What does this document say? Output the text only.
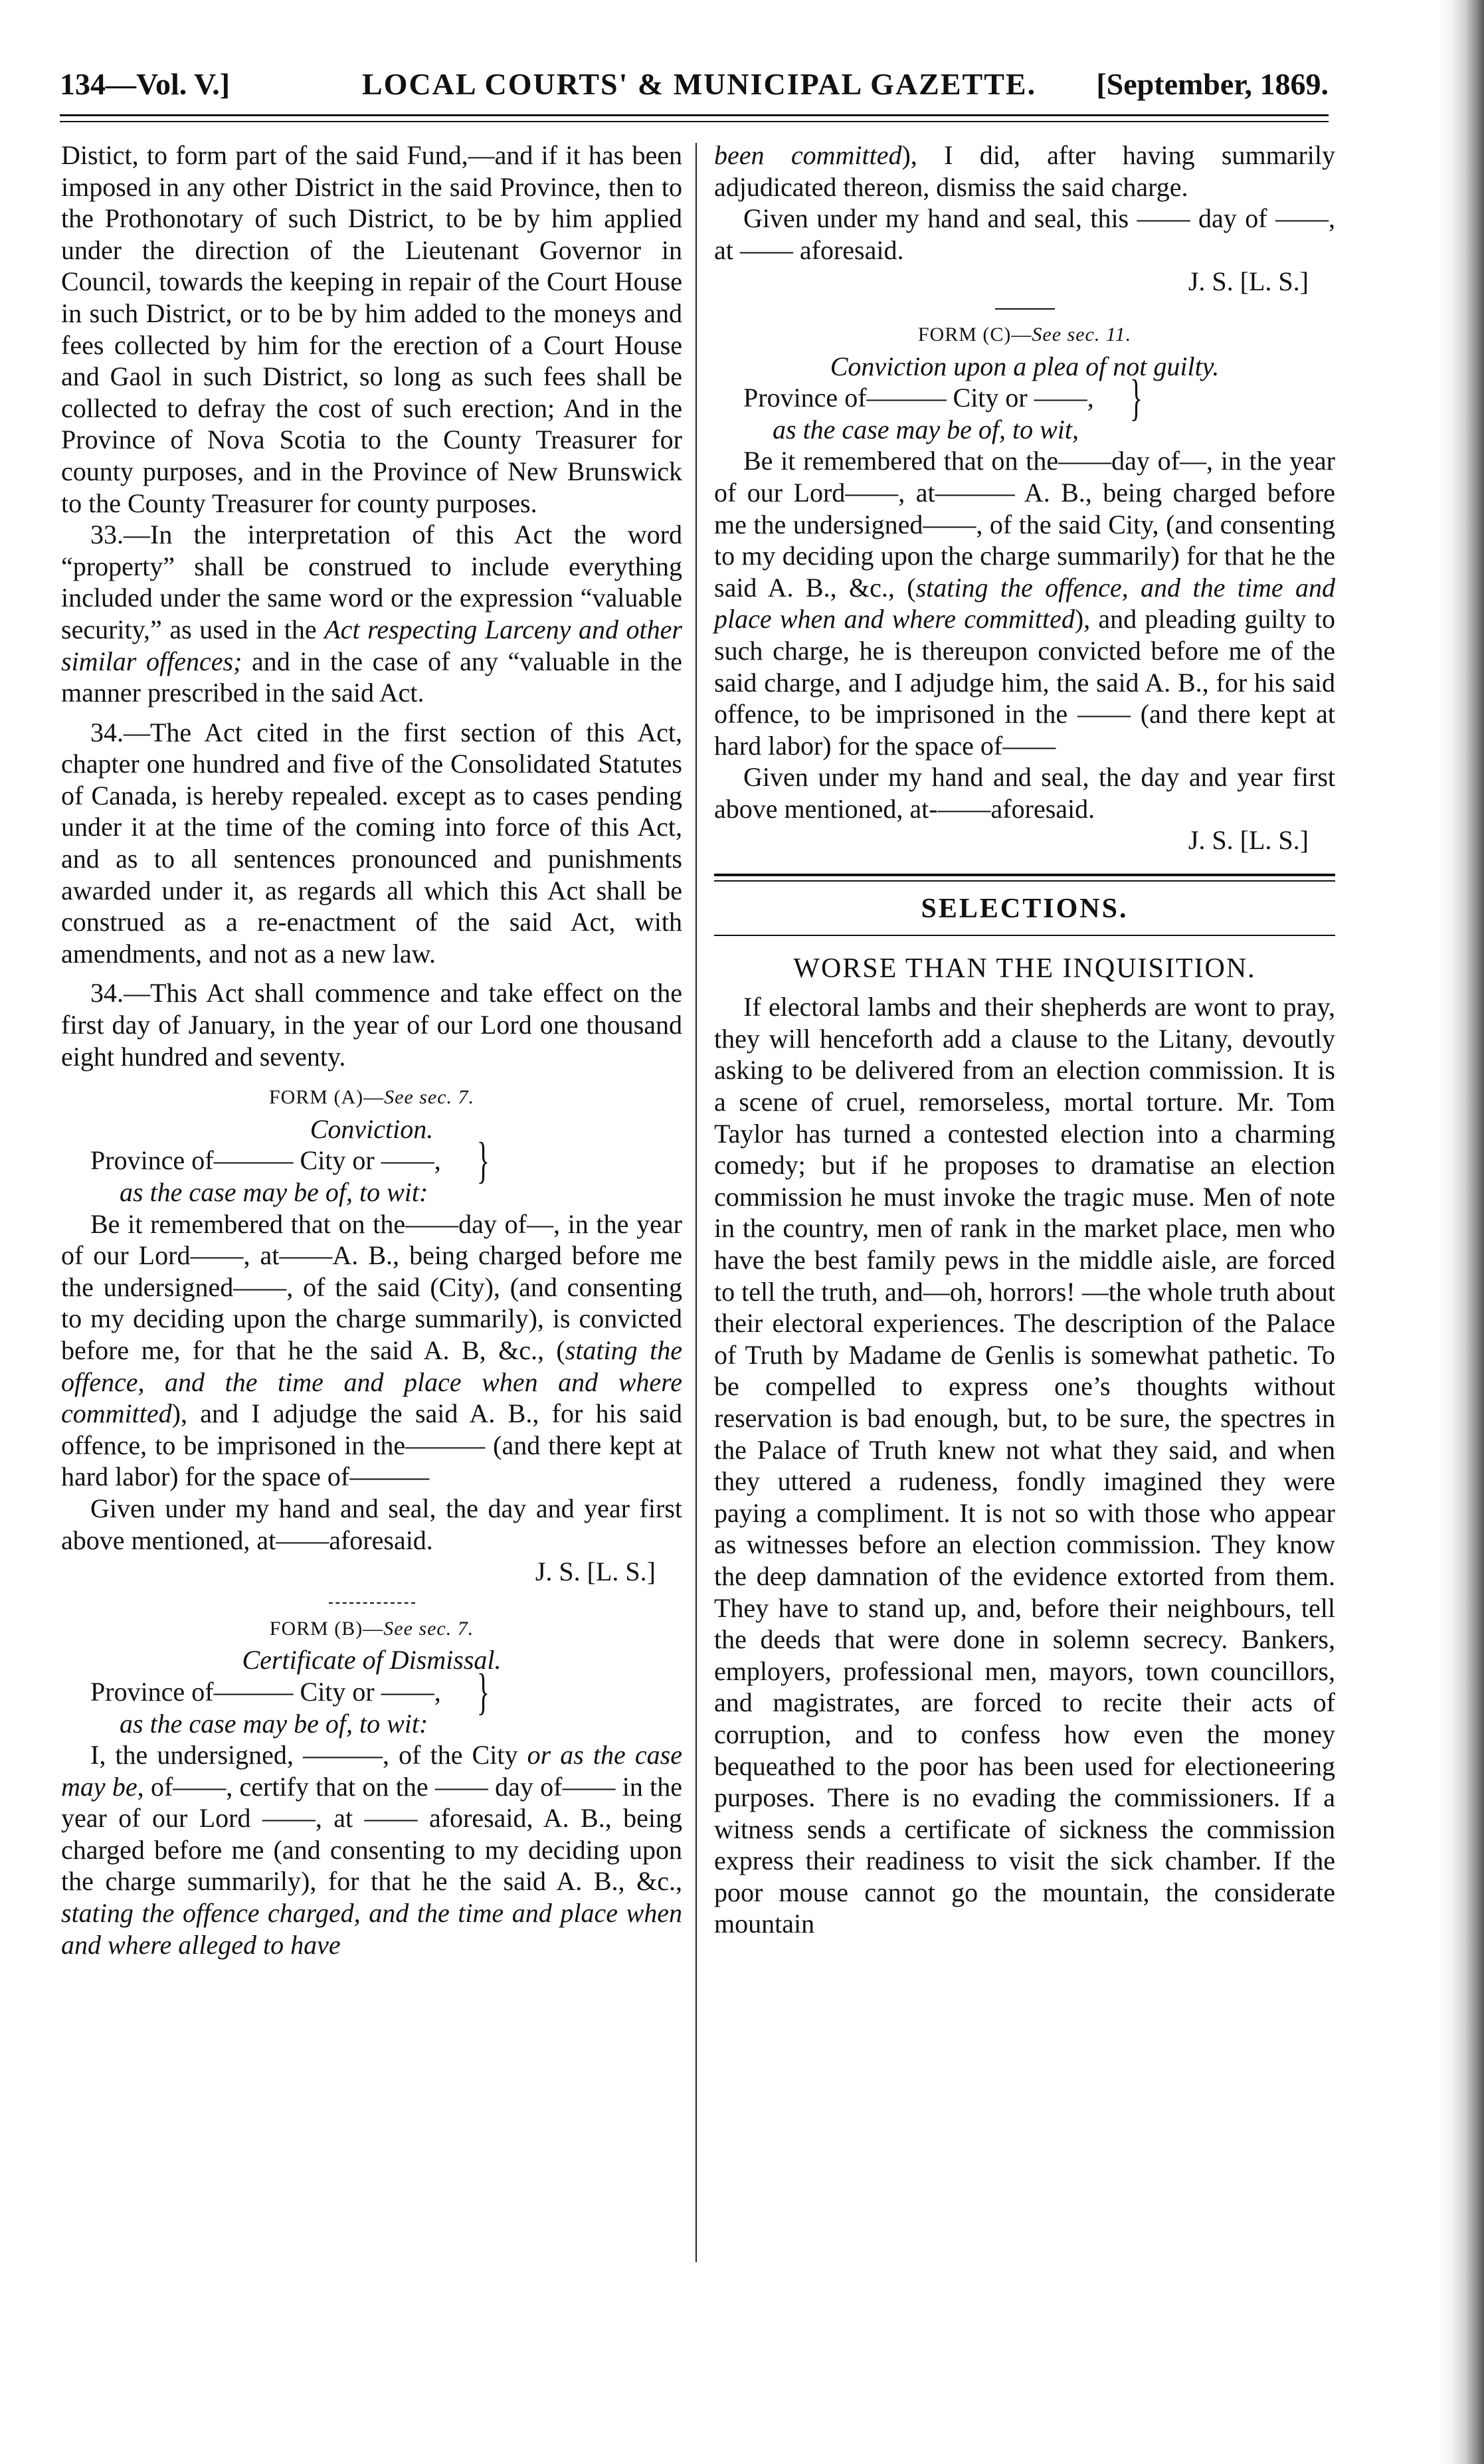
134—Vol. V.]	LOCAL COURTS' & MUNICIPAL GAZETTE. [September, 1869.

Distict, to form part of the said Fund,—and if it has been imposed in any other District in the said Province, then to the Prothonotary of such District, to be by him applied under the direction of the Lieutenant Governor in Council, towards the keeping in repair of the Court House in such District, or to be by him added to the moneys and fees collected by him for the erection of a Court House and Gaol in such District, so long as such fees shall be collected to defray the cost of such erection; And in the Province of Nova Scotia to the County Treasurer for county purposes, and in the Province of New Brunswick to the County Treasurer for county purposes.

33.—In the interpretation of this Act the word “property” shall be construed to include everything included under the same word or the expression “valuable security,” as used in the Act respecting Larceny and other similar offences; and in the case of any “valuable in the manner prescribed in the said Act.

34.—The Act cited in the first section of this Act, chapter one hundred and five of the Consolidated Statutes of Canada, is hereby repealed. except as to cases pending under it at the time of the coming into force of this Act, and as to all sentences pronounced and punishments awarded under it, as regards all which this Act shall be construed as a re-enactment of the said Act, with amendments, and not as a new law.

34.—This Act shall commence and take effect on the first day of January, in the year of our Lord one thousand eight hundred and seventy.

FORM (A)—See sec. 7.
Conviction.

Province of——— City or ——, }

as the case may be of, to wit:

Be it remembered that on the——day of—, in the year of our Lord——, at——A. B., being charged before me the undersigned——, of the said (City), (and consenting to my deciding upon the charge summarily), is convicted before me, for that he the said A. B, &c., (stating the offence, and the time and place when and where committed), and I adjudge the said A. B., for his said offence, to be imprisoned in the——— (and there kept at hard labor) for the space of———

Given under my hand and seal, the day and year first above mentioned, at——aforesaid.

J. S. [L. S.]
FORM (B)—See sec. 7.
Certificate of Dismissal.

Province of——— City or ——, }

as the case may be of, to wit:

I, the undersigned, ———, of the City or as the case may be, of——, certify that on the —— day of—— in the year of our Lord ——, at —— aforesaid, A. B., being charged before me (and consenting to my deciding upon the charge summarily), for that he the said A. B., &c., stating the offence charged, and the time and place when and where alleged to have

been committed), I did, after having summarily adjudicated thereon, dismiss the said charge.

Given under my hand and seal, this —— day of ——, at —— aforesaid.

J. S. [L. S.]
FORM (C)—See sec. 11.
Conviction upon a plea of not guilty.

Province of——— City or ——, }

as the case may be of, to wit,

Be it remembered that on the——day of—, in the year of our Lord——, at——— A. B., being charged before me the undersigned——, of the said City, (and consenting to my deciding upon the charge summarily) for that he the said A. B., &c., (stating the offence, and the time and place when and where committed), and pleading guilty to such charge, he is thereupon convicted before me of the said charge, and I adjudge him, the said A. B., for his said offence, to be imprisoned in the —— (and there kept at hard labor) for the space of——

Given under my hand and seal, the day and year first above mentioned, at-——aforesaid.

J. S. [L. S.]
SELECTIONS.
WORSE THAN THE INQUISITION.

If electoral lambs and their shepherds are wont to pray, they will henceforth add a clause to the Litany, devoutly asking to be delivered from an election commission. It is a scene of cruel, remorseless, mortal torture. Mr. Tom Taylor has turned a contested election into a charming comedy; but if he proposes to dramatise an election commission he must invoke the tragic muse. Men of note in the country, men of rank in the market place, men who have the best family pews in the middle aisle, are forced to tell the truth, and—oh, horrors! —the whole truth about their electoral experiences. The description of the Palace of Truth by Madame de Genlis is somewhat pathetic. To be compelled to express one’s thoughts without reservation is bad enough, but, to be sure, the spectres in the Palace of Truth knew not what they said, and when they uttered a rudeness, fondly imagined they were paying a compliment. It is not so with those who appear as witnesses before an election commission. They know the deep damnation of the evidence extorted from them. They have to stand up, and, before their neighbours, tell the deeds that were done in solemn secrecy. Bankers, employers, professional men, mayors, town councillors, and magistrates, are forced to recite their acts of corruption, and to confess how even the money bequeathed to the poor has been used for electioneering purposes. There is no evading the commissioners. If a witness sends a certificate of sickness the commission express their readiness to visit the sick chamber. If the poor mouse cannot go the mountain, the considerate mountain
